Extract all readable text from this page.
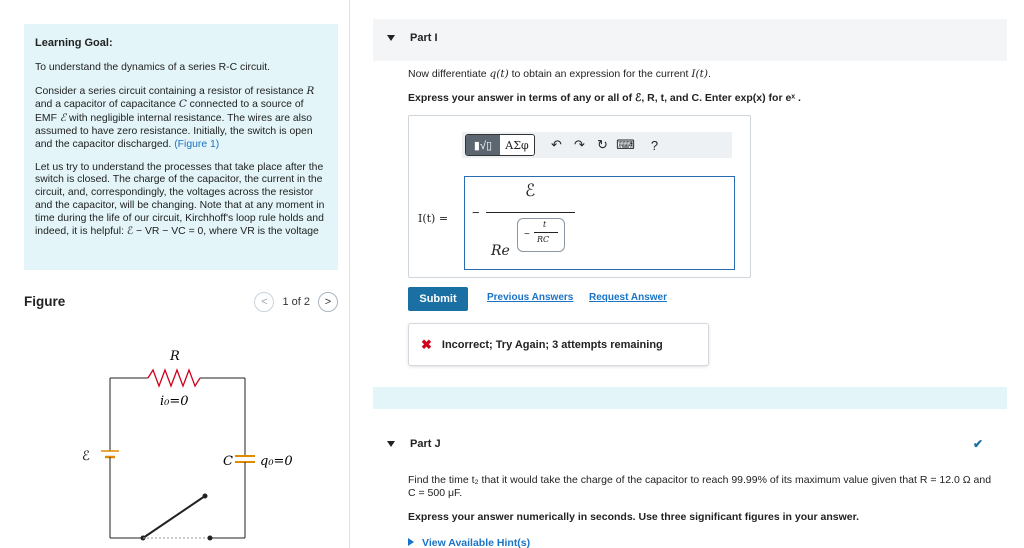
Learning Goal:

To understand the dynamics of a series R-C circuit.

Consider a series circuit containing a resistor of resistance R and a capacitor of capacitance C connected to a source of EMF ℰ with negligible internal resistance. The wires are also assumed to have zero resistance. Initially, the switch is open and the capacitor discharged. (Figure 1)

Let us try to understand the processes that take place after the switch is closed. The charge of the capacitor, the current in the circuit, and, correspondingly, the voltages across the resistor and the capacitor, will be changing. Note that at any moment in time during the life of our circuit, Kirchhoff's loop rule holds and indeed, it is helpful: ℰ − VR − VC = 0, where VR is the voltage

Figure	<	1 of 2	>
R
i₀=0
ℰ	C q₀=0
Part I
Now differentiate q(t) to obtain an expression for the current I(t).
Express your answer in terms of any or all of ℰ, R, t, and C. Enter exp(x) for eˣ .
▮√▯	ΑΣφ	↶ ↷ ↻ ⌨	?
I(t) = −
ℰ
Re
−
t
RC
Submit	Previous Answers Request Answer
✖ Incorrect; Try Again; 3 attempts remaining
Part J	✔
Find the time t₂ that it would take the charge of the capacitor to reach 99.99% of its maximum value given that R = 12.0 Ω and C = 500 μF.
Express your answer numerically in seconds. Use three significant figures in your answer.
View Available Hint(s)
